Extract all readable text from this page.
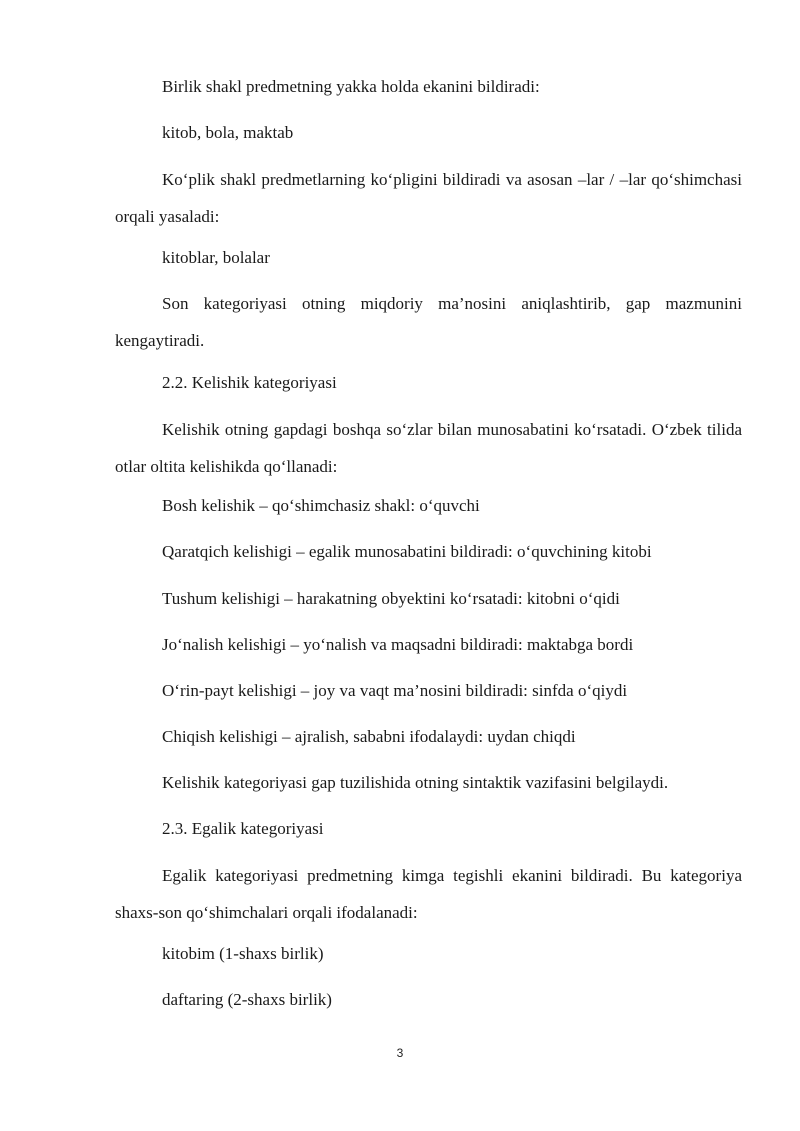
Birlik shakl predmetning yakka holda ekanini bildiradi:

kitob, bola, maktab

Ko‘plik shakl predmetlarning ko‘pligini bildiradi va asosan –lar / –lar qo‘shimchasi orqali yasaladi:

kitoblar, bolalar

Son kategoriyasi otning miqdoriy ma’nosini aniqlashtirib, gap mazmunini kengaytiradi.

2.2. Kelishik kategoriyasi

Kelishik otning gapdagi boshqa so‘zlar bilan munosabatini ko‘rsatadi. O‘zbek tilida otlar oltita kelishikda qo‘llanadi:

Bosh kelishik – qo‘shimchasiz shakl: o‘quvchi

Qaratqich kelishigi – egalik munosabatini bildiradi: o‘quvchining kitobi

Tushum kelishigi – harakatning obyektini ko‘rsatadi: kitobni o‘qidi

Jo‘nalish kelishigi – yo‘nalish va maqsadni bildiradi: maktabga bordi

O‘rin-payt kelishigi – joy va vaqt ma’nosini bildiradi: sinfda o‘qiydi

Chiqish kelishigi – ajralish, sababni ifodalaydi: uydan chiqdi

Kelishik kategoriyasi gap tuzilishida otning sintaktik vazifasini belgilaydi.

2.3. Egalik kategoriyasi

Egalik kategoriyasi predmetning kimga tegishli ekanini bildiradi. Bu kategoriya shaxs-son qo‘shimchalari orqali ifodalanadi:

kitobim (1-shaxs birlik)

daftaring (2-shaxs birlik)

3
